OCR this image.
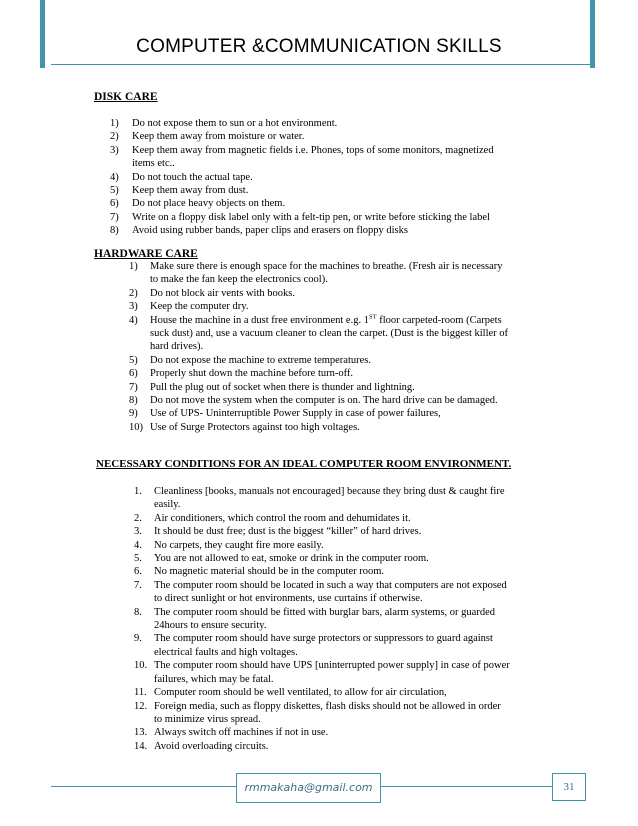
COMPUTER &COMMUNICATION SKILLS
DISK CARE
1) Do not expose them to sun or a hot environment.
2) Keep them away from moisture or water.
3) Keep them away from magnetic fields i.e. Phones, tops of some monitors, magnetized
items etc..
4) Do not touch the actual tape.
5) Keep them away from dust.
6) Do not place heavy objects on them.
7) Write on a floppy disk label only with a felt-tip pen, or write before sticking the label
8) Avoid using rubber bands, paper clips and erasers on floppy disks
HARDWARE CARE
1) Make sure there is enough space for the machines to breathe. (Fresh air is necessary
to make the fan keep the electronics cool).
2) Do not block air vents with books.
3) Keep the computer dry.
4) House the machine in a dust free environment e.g. 1ST floor carpeted-room (Carpets
suck dust) and, use a vacuum cleaner to clean the carpet. (Dust is the biggest killer of
hard drives).
5) Do not expose the machine to extreme temperatures.
6) Properly shut down the machine before turn-off.
7) Pull the plug out of socket when there is thunder and lightning.
8) Do not move the system when the computer is on. The hard drive can be damaged.
9) Use of UPS- Uninterruptible Power Supply in case of power failures,
10) Use of Surge Protectors against too high voltages.
NECESSARY CONDITIONS FOR AN IDEAL COMPUTER ROOM ENVIRONMENT.
1. Cleanliness [books, manuals not encouraged] because they bring dust & caught fire
easily.
2. Air conditioners, which control the room and dehumidates it.
3. It should be dust free; dust is the biggest “killer” of hard drives.
4. No carpets, they caught fire more easily.
5. You are not allowed to eat, smoke or drink in the computer room.
6. No magnetic material should be in the computer room.
7. The computer room should be located in such a way that computers are not exposed
to direct sunlight or hot environments, use curtains if otherwise.
8. The computer room should be fitted with burglar bars, alarm systems, or guarded
24hours to ensure security.
9. The computer room should have surge protectors or suppressors to guard against
electrical faults and high voltages.
10. The computer room should have UPS [uninterrupted power supply] in case of power
failures, which may be fatal.
11. Computer room should be well ventilated, to allow for air circulation,
12. Foreign media, such as floppy diskettes, flash disks should not be allowed in order
to minimize virus spread.
13. Always switch off machines if not in use.
14. Avoid overloading circuits.
rmmakaha@gmail.com	31
